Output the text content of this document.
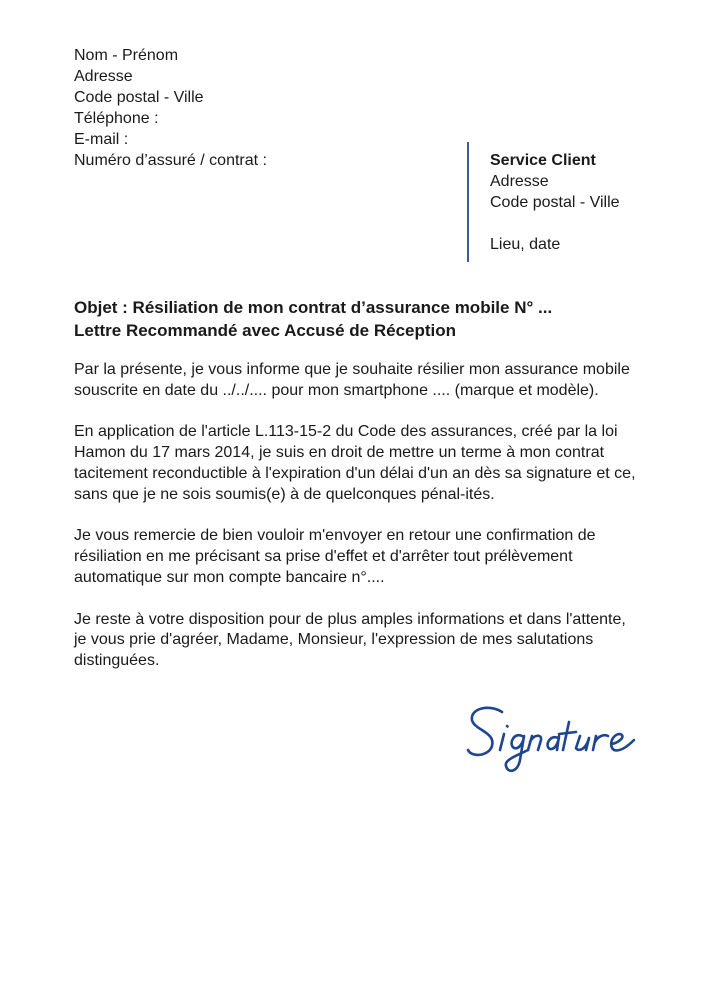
Nom - Prénom
Adresse
Code postal - Ville
Téléphone :
E-mail :
Numéro d’assuré / contrat :	Service Client
Adresse
Code postal - Ville
Lieu, date
Objet : Résiliation de mon contrat d’assurance mobile N° ...
Lettre Recommandé avec Accusé de Réception

Par la présente, je vous informe que je souhaite résilier mon assurance mobile souscrite en date du ../../.... pour mon smartphone .... (marque et modèle).

En application de l'article L.113-15-2 du Code des assurances, créé par la loi Hamon du 17 mars 2014, je suis en droit de mettre un terme à mon contrat tacitement reconductible à l'expiration d'un délai d'un an dès sa signature et ce, sans que je ne sois soumis(e) à de quelconques pénal-ités.

Je vous remercie de bien vouloir m'envoyer en retour une confirmation de résiliation en me précisant sa prise d'effet et d'arrêter tout prélèvement automatique sur mon compte bancaire n°....

Je reste à votre disposition pour de plus amples informations et dans l'attente, je vous prie d'agréer, Madame, Monsieur, l'expression de mes salutations distinguées.
